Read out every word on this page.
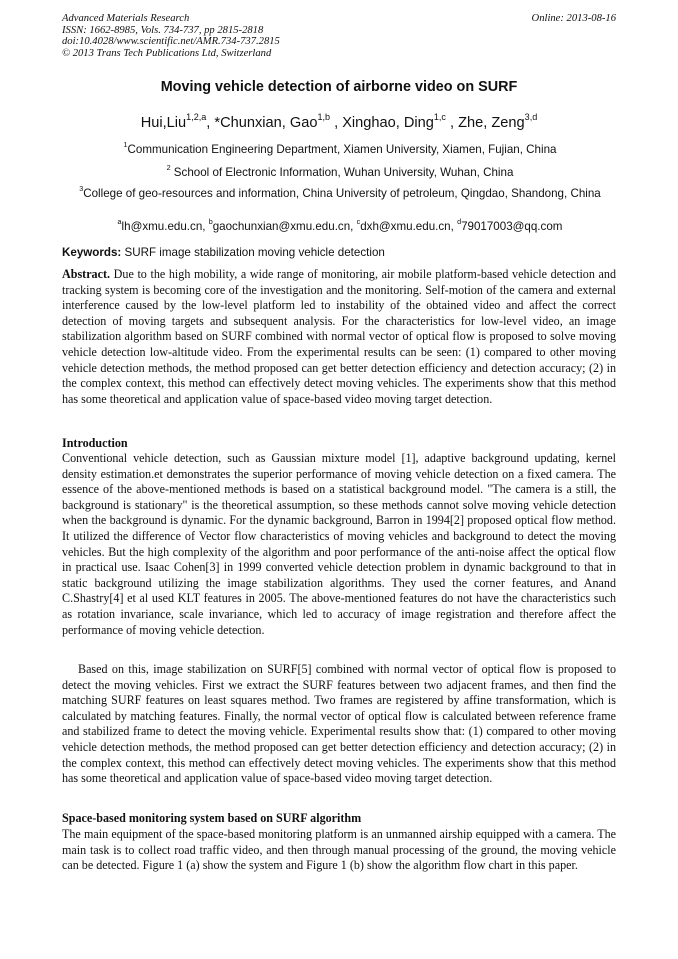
Advanced Materials Research
ISSN: 1662-8985, Vols. 734-737, pp 2815-2818
doi:10.4028/www.scientific.net/AMR.734-737.2815
© 2013 Trans Tech Publications Ltd, Switzerland
Online: 2013-08-16
Moving vehicle detection of airborne video on SURF
Hui,Liu$^{1,2,a}$, *Chunxian, Gao$^{1,b}$ , Xinghao, Ding$^{1,c}$ , Zhe, Zeng$^{3,d}$
$^1$Communication Engineering Department, Xiamen University, Xiamen, Fujian, China
$^2$ School of Electronic Information, Wuhan University, Wuhan, China
$^3$College of geo-resources and information, China University of petroleum, Qingdao, Shandong, China
$^a$lh@xmu.edu.cn, $^b$gaochunxian@xmu.edu.cn, $^c$dxh@xmu.edu.cn, $^d$79017003@qq.com
Keywords: SURF image stabilization moving vehicle detection
Abstract. Due to the high mobility, a wide range of monitoring, air mobile platform-based vehicle detection and tracking system is becoming core of the investigation and the monitoring. Self-motion of the camera and external interference caused by the low-level platform led to instability of the obtained video and affect the correct detection of moving targets and subsequent analysis. For the characteristics for low-level video, an image stabilization algorithm based on SURF combined with normal vector of optical flow is proposed to solve moving vehicle detection low-altitude video. From the experimental results can be seen: (1) compared to other moving vehicle detection methods, the method proposed can get better detection efficiency and detection accuracy; (2) in the complex context, this method can effectively detect moving vehicles. The experiments show that this method has some theoretical and application value of space-based video moving target detection.
Introduction
Conventional vehicle detection, such as Gaussian mixture model [1], adaptive background updating, kernel density estimation.et demonstrates the superior performance of moving vehicle detection on a fixed camera. The essence of the above-mentioned methods is based on a statistical background model. "The camera is a still, the background is stationary" is the theoretical assumption, so these methods cannot solve moving vehicle detection when the background is dynamic. For the dynamic background, Barron in 1994[2] proposed optical flow method. It utilized the difference of Vector flow characteristics of moving vehicles and background to detect the moving vehicles. But the high complexity of the algorithm and poor performance of the anti-noise affect the optical flow in practical use. Isaac Cohen[3] in 1999 converted vehicle detection problem in dynamic background to that in static background utilizing the image stabilization algorithms. They used the corner features, and Anand C.Shastry[4] et al used KLT features in 2005. The above-mentioned features do not have the characteristics such as rotation invariance, scale invariance, which led to accuracy of image registration and therefore affect the performance of moving vehicle detection.
Based on this, image stabilization on SURF[5] combined with normal vector of optical flow is proposed to detect the moving vehicles. First we extract the SURF features between two adjacent frames, and then find the matching SURF features on least squares method. Two frames are registered by affine transformation, which is calculated by matching features. Finally, the normal vector of optical flow is calculated between reference frame and stabilized frame to detect the moving vehicle. Experimental results show that: (1) compared to other moving vehicle detection methods, the method proposed can get better detection efficiency and detection accuracy; (2) in the complex context, this method can effectively detect moving vehicles. The experiments show that this method has some theoretical and application value of space-based video moving target detection.
Space-based monitoring system based on SURF algorithm
The main equipment of the space-based monitoring platform is an unmanned airship equipped with a camera. The main task is to collect road traffic video, and then through manual processing of the ground, the moving vehicle can be detected. Figure 1 (a) show the system and Figure 1 (b) show the algorithm flow chart in this paper.
